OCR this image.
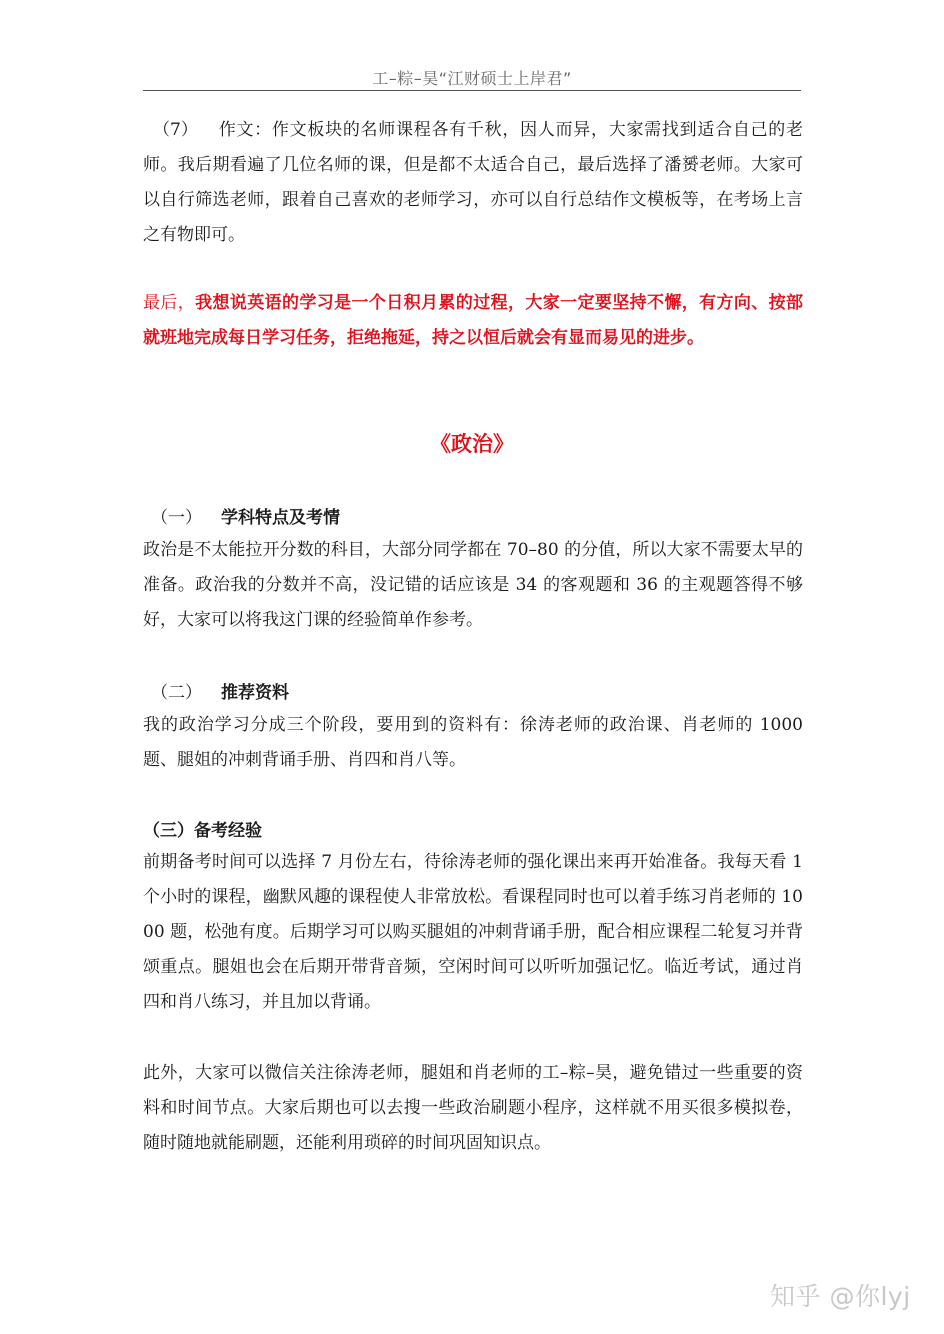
工–粽–昊“江财硕士上岸君”

（7） 作文：作文板块的名师课程各有千秋，因人而异，大家需找到适合自己的老师。我后期看遍了几位名师的课，但是都不太适合自己，最后选择了潘赟老师。大家可以自行筛选老师，跟着自己喜欢的老师学习，亦可以自行总结作文模板等，在考场上言之有物即可。

最后，我想说英语的学习是一个日积月累的过程，大家一定要坚持不懈，有方向、按部就班地完成每日学习任务，拒绝拖延，持之以恒后就会有显而易见的进步。

《政治》

（一） 学科特点及考情

政治是不太能拉开分数的科目，大部分同学都在 70–80 的分值，所以大家不需要太早的准备。政治我的分数并不高，没记错的话应该是 34 的客观题和 36 的主观题答得不够好，大家可以将我这门课的经验简单作参考。

（二） 推荐资料

我的政治学习分成三个阶段，要用到的资料有：徐涛老师的政治课、肖老师的 1000 题、腿姐的冲刺背诵手册、肖四和肖八等。

（三）备考经验

前期备考时间可以选择 7 月份左右，待徐涛老师的强化课出来再开始准备。我每天看 1 个小时的课程，幽默风趣的课程使人非常放松。看课程同时也可以着手练习肖老师的 1000 题，松弛有度。后期学习可以购买腿姐的冲刺背诵手册，配合相应课程二轮复习并背颂重点。腿姐也会在后期开带背音频，空闲时间可以听听加强记忆。临近考试，通过肖四和肖八练习，并且加以背诵。

此外，大家可以微信关注徐涛老师，腿姐和肖老师的工–粽–昊，避免错过一些重要的资料和时间节点。大家后期也可以去搜一些政治刷题小程序，这样就不用买很多模拟卷，随时随地就能刷题，还能利用琐碎的时间巩固知识点。

知乎 @你lyj
